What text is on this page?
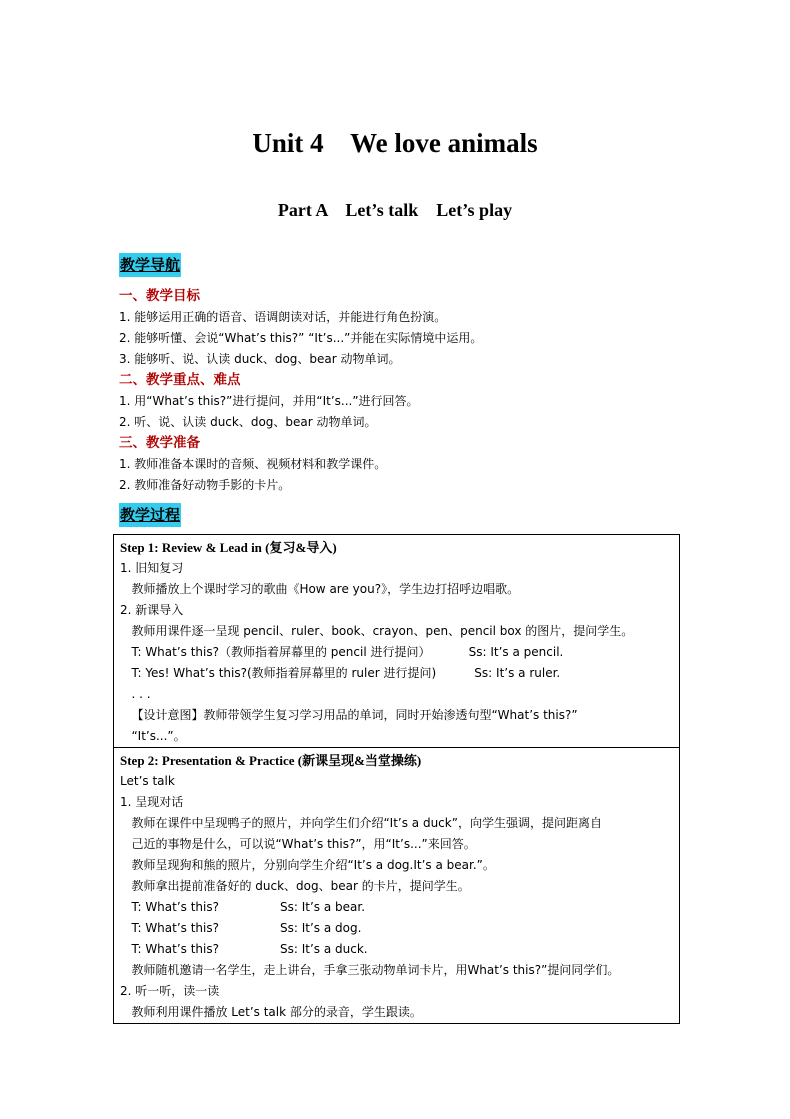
Unit 4    We love animals
Part A    Let’s talk    Let’s play
教学导航
一、教学目标
1. 能够运用正确的语音、语调朗读对话，并能进行角色扮演。
2. 能够听懂、会说“What’s this?” “It’s...”并能在实际情境中运用。
3. 能够听、说、认读 duck、dog、bear 动物单词。
二、教学重点、难点
1. 用“What’s this?”进行提问，并用“It’s...”进行回答。
2. 听、说、认读 duck、dog、bear 动物单词。
三、教学准备
1. 教师准备本课时的音频、视频材料和教学课件。
2. 教师准备好动物手影的卡片。
教学过程
Step 1: Review & Lead in (复习&导入)
1. 旧知复习
教师播放上个课时学习的歌曲《How are you?》，学生边打招呼边唱歌。
2. 新课导入
教师用课件逐一呈现 pencil、ruler、book、crayon、pen、pencil box 的图片，提问学生。
T: What’s this?（教师指着屏幕里的 pencil 进行提问）          Ss: It’s a pencil.
T: Yes! What’s this?(教师指着屏幕里的 ruler 进行提问)          Ss: It’s a ruler.
. . .
【设计意图】教师带领学生复习学习用品的单词，同时开始渗透句型“What’s this?”
“It’s...”。
Step 2: Presentation & Practice (新课呈现&当堂操练)
Let’s talk
1. 呈现对话
教师在课件中呈现鸭子的照片，并向学生们介绍“It’s a duck”，向学生强调，提问距离自
己近的事物是什么，可以说“What’s this?”，用“It’s...”来回答。
教师呈现狗和熊的照片，分别向学生介绍“It’s a dog.It’s a bear.”。
教师拿出提前准备好的 duck、dog、bear 的卡片，提问学生。
T: What’s this?                Ss: It’s a bear.
T: What’s this?                Ss: It’s a dog.
T: What’s this?                Ss: It’s a duck.
教师随机邀请一名学生，走上讲台，手拿三张动物单词卡片，用What’s this?”提问同学们。
2. 听一听，读一读
教师利用课件播放 Let’s talk 部分的录音，学生跟读。
